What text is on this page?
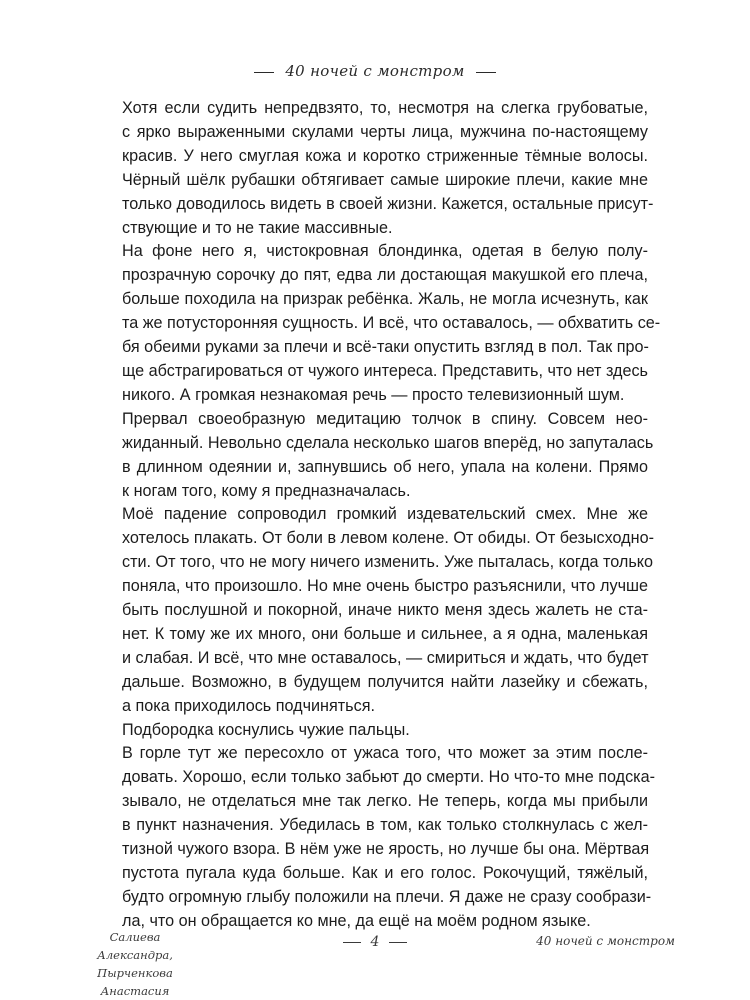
40 ночей с монстром

Хотя если судить непредвзято, то, несмотря на слегка грубоватые,
с ярко выраженными скулами черты лица, мужчина по-настоящему
красив. У него смуглая кожа и коротко стриженные тёмные волосы.
Чёрный шёлк рубашки обтягивает самые широкие плечи, какие мне
только доводилось видеть в своей жизни. Кажется, остальные присут-
ствующие и то не такие массивные.

На фоне него я, чистокровная блондинка, одетая в белую полу-
прозрачную сорочку до пят, едва ли достающая макушкой его плеча,
больше походила на призрак ребёнка. Жаль, не могла исчезнуть, как
та же потусторонняя сущность. И всё, что оставалось, — обхватить се-
бя обеими руками за плечи и всё-таки опустить взгляд в пол. Так про-
ще абстрагироваться от чужого интереса. Представить, что нет здесь
никого. А громкая незнакомая речь — просто телевизионный шум.

Прервал своеобразную медитацию толчок в спину. Совсем нео-
жиданный. Невольно сделала несколько шагов вперёд, но запуталась
в длинном одеянии и, запнувшись об него, упала на колени. Прямо
к ногам того, кому я предназначалась.

Моё падение сопроводил громкий издевательский смех. Мне же
хотелось плакать. От боли в левом колене. От обиды. От безысходно-
сти. От того, что не могу ничего изменить. Уже пыталась, когда только
поняла, что произошло. Но мне очень быстро разъяснили, что лучше
быть послушной и покорной, иначе никто меня здесь жалеть не ста-
нет. К тому же их много, они больше и сильнее, а я одна, маленькая
и слабая. И всё, что мне оставалось, — смириться и ждать, что будет
дальше. Возможно, в будущем получится найти лазейку и сбежать,
а пока приходилось подчиняться.

Подбородка коснулись чужие пальцы.

В горле тут же пересохло от ужаса того, что может за этим после-
довать. Хорошо, если только забьют до смерти. Но что-то мне подска-
зывало, не отделаться мне так легко. Не теперь, когда мы прибыли
в пункт назначения. Убедилась в том, как только столкнулась с жел-
тизной чужого взора. В нём уже не ярость, но лучше бы она. Мёртвая
пустота пугала куда больше. Как и его голос. Рокочущий, тяжёлый,
будто огромную глыбу положили на плечи. Я даже не сразу сообрази-
ла, что он обращается ко мне, да ещё на моём родном языке.

Салиева Александра,
Пырченкова Анастасия
4	40 ночей с монстром
